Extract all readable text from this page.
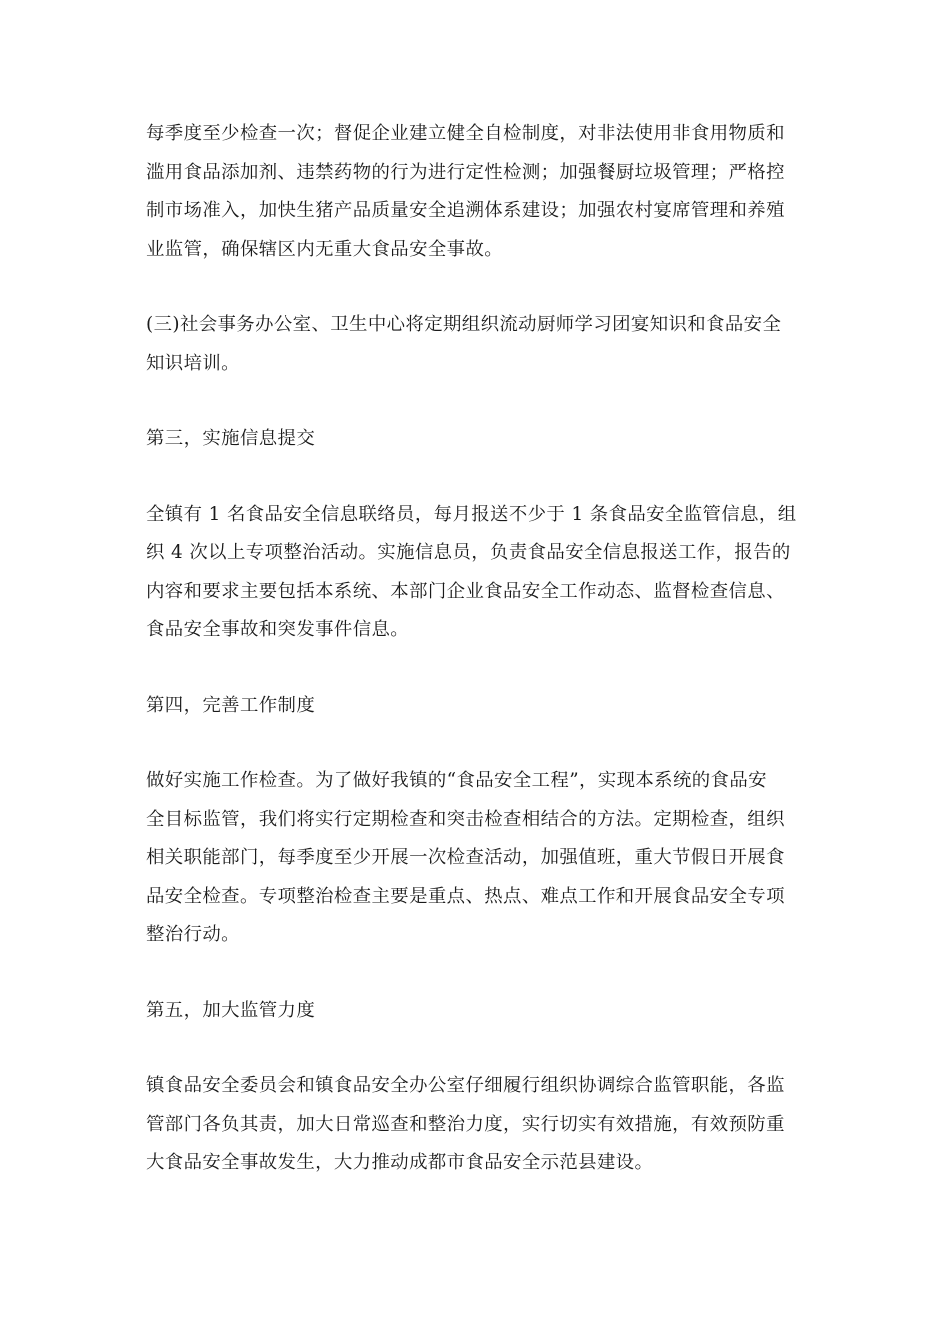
每季度至少检查一次；督促企业建立健全自检制度，对非法使用非食用物质和
滥用食品添加剂、违禁药物的行为进行定性检测；加强餐厨垃圾管理；严格控
制市场准入，加快生猪产品质量安全追溯体系建设；加强农村宴席管理和养殖
业监管，确保辖区内无重大食品安全事故。

(三)社会事务办公室、卫生中心将定期组织流动厨师学习团宴知识和食品安全
知识培训。

第三，实施信息提交

全镇有 1 名食品安全信息联络员，每月报送不少于 1 条食品安全监管信息，组
织 4 次以上专项整治活动。实施信息员，负责食品安全信息报送工作，报告的
内容和要求主要包括本系统、本部门企业食品安全工作动态、监督检查信息、
食品安全事故和突发事件信息。

第四，完善工作制度

做好实施工作检查。为了做好我镇的“食品安全工程”，实现本系统的食品安
全目标监管，我们将实行定期检查和突击检查相结合的方法。定期检查，组织
相关职能部门，每季度至少开展一次检查活动，加强值班，重大节假日开展食
品安全检查。专项整治检查主要是重点、热点、难点工作和开展食品安全专项
整治行动。

第五，加大监管力度

镇食品安全委员会和镇食品安全办公室仔细履行组织协调综合监管职能，各监
管部门各负其责，加大日常巡查和整治力度，实行切实有效措施，有效预防重
大食品安全事故发生，大力推动成都市食品安全示范县建设。
